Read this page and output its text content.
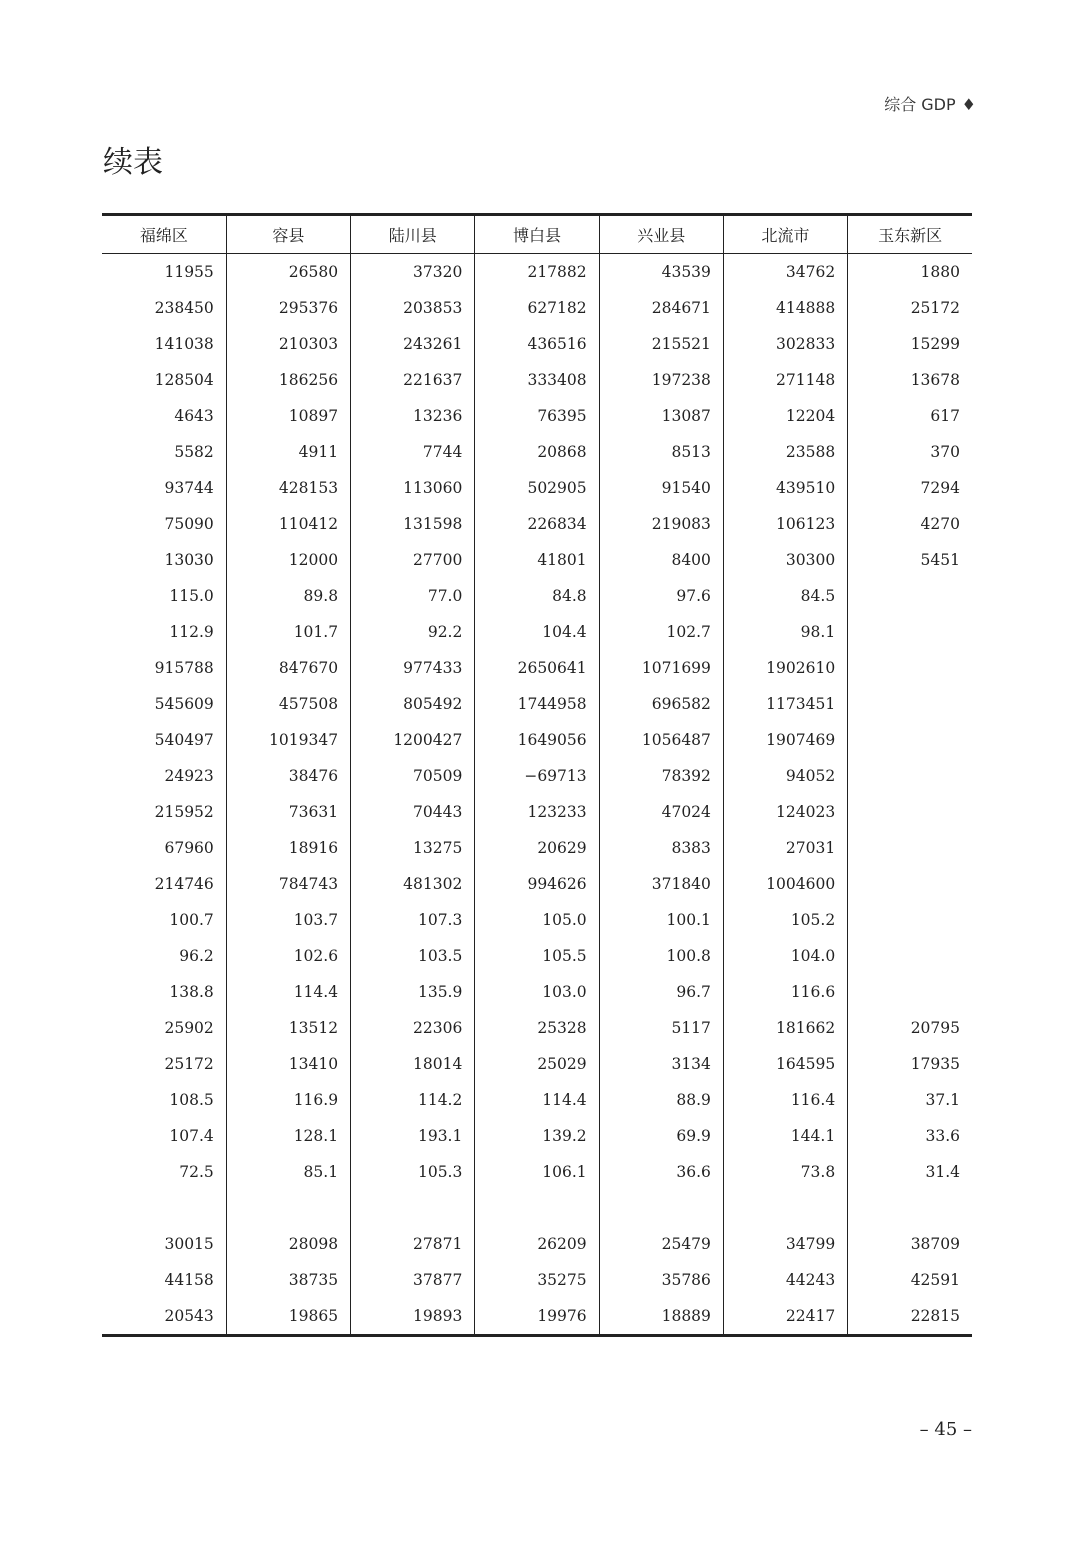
综合 GDP ♦
续表
福绵区	容县	陆川县	博白县	兴业县	北流市	玉东新区
11955	26580	37320	217882	43539	34762	1880
238450	295376	203853	627182	284671	414888	25172
141038	210303	243261	436516	215521	302833	15299
128504	186256	221637	333408	197238	271148	13678
4643	10897	13236	76395	13087	12204	617
5582	4911	7744	20868	8513	23588	370
93744	428153	113060	502905	91540	439510	7294
75090	110412	131598	226834	219083	106123	4270
13030	12000	27700	41801	8400	30300	5451
115.0	89.8	77.0	84.8	97.6	84.5	
112.9	101.7	92.2	104.4	102.7	98.1	
915788	847670	977433	2650641	1071699	1902610	
545609	457508	805492	1744958	696582	1173451	
540497	1019347	1200427	1649056	1056487	1907469	
24923	38476	70509	−69713	78392	94052	
215952	73631	70443	123233	47024	124023	
67960	18916	13275	20629	8383	27031	
214746	784743	481302	994626	371840	1004600	
100.7	103.7	107.3	105.0	100.1	105.2	
96.2	102.6	103.5	105.5	100.8	104.0	
138.8	114.4	135.9	103.0	96.7	116.6	
25902	13512	22306	25328	5117	181662	20795
25172	13410	18014	25029	3134	164595	17935
108.5	116.9	114.2	114.4	88.9	116.4	37.1
107.4	128.1	193.1	139.2	69.9	144.1	33.6
72.5	85.1	105.3	106.1	36.6	73.8	31.4

30015	28098	27871	26209	25479	34799	38709
44158	38735	37877	35275	35786	44243	42591
20543	19865	19893	19976	18889	22417	22815
– 45 –
